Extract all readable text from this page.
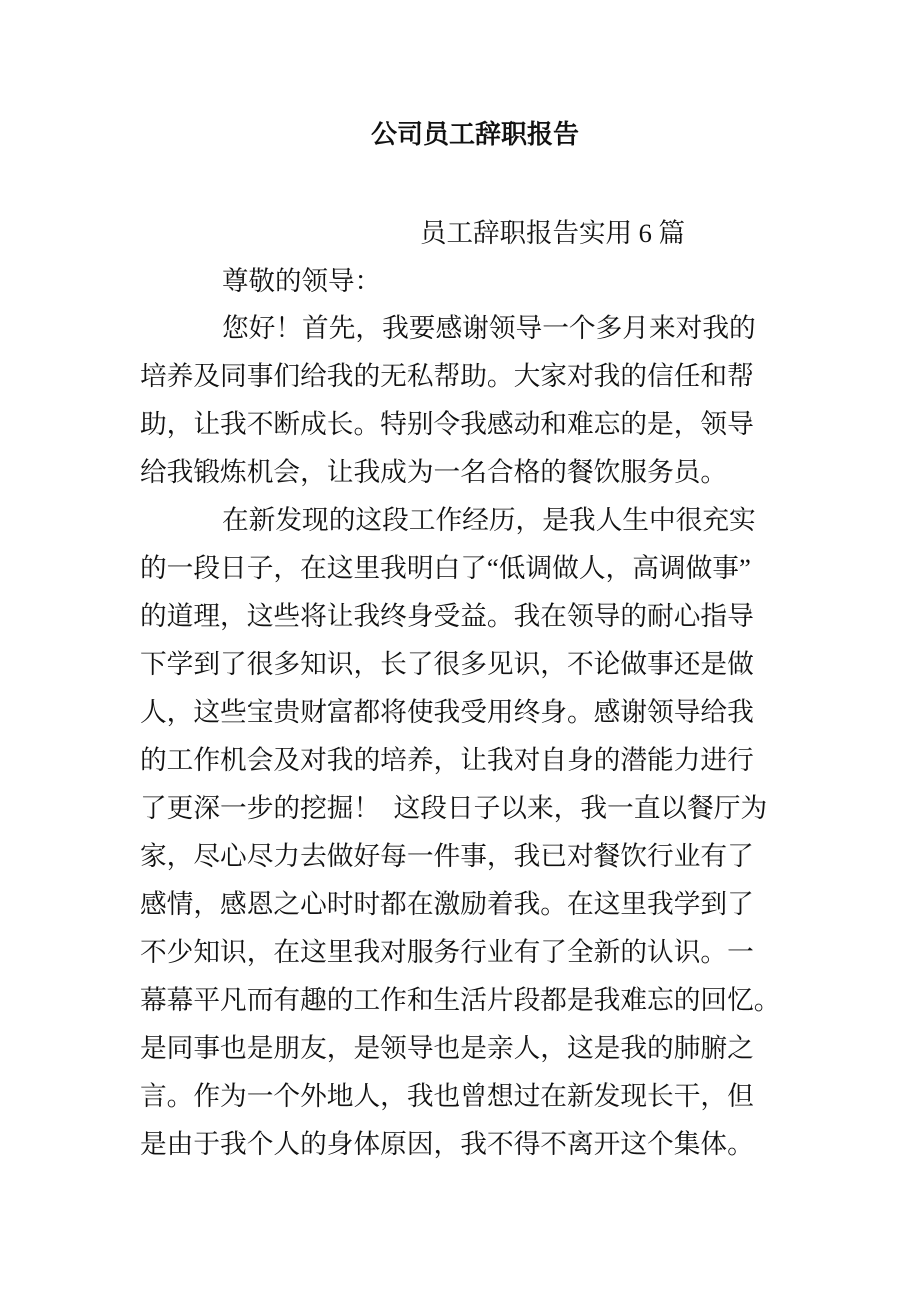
公司员工辞职报告
员工辞职报告实用 6 篇
尊敬的领导：
您好！首先，我要感谢领导一个多月来对我的
培养及同事们给我的无私帮助。大家对我的信任和帮
助，让我不断成长。特别令我感动和难忘的是，领导
给我锻炼机会，让我成为一名合格的餐饮服务员。
在新发现的这段工作经历，是我人生中很充实
的一段日子，在这里我明白了“低调做人，高调做事”
的道理，这些将让我终身受益。我在领导的耐心指导
下学到了很多知识，长了很多见识，不论做事还是做
人，这些宝贵财富都将使我受用终身。感谢领导给我
的工作机会及对我的培养，让我对自身的潜能力进行
了更深一步的挖掘！  这段日子以来，我一直以餐厅为
家，尽心尽力去做好每一件事，我已对餐饮行业有了
感情，感恩之心时时都在激励着我。在这里我学到了
不少知识，在这里我对服务行业有了全新的认识。一
幕幕平凡而有趣的工作和生活片段都是我难忘的回忆。
是同事也是朋友，是领导也是亲人，这是我的肺腑之
言。作为一个外地人，我也曾想过在新发现长干，但
是由于我个人的身体原因，我不得不离开这个集体。
